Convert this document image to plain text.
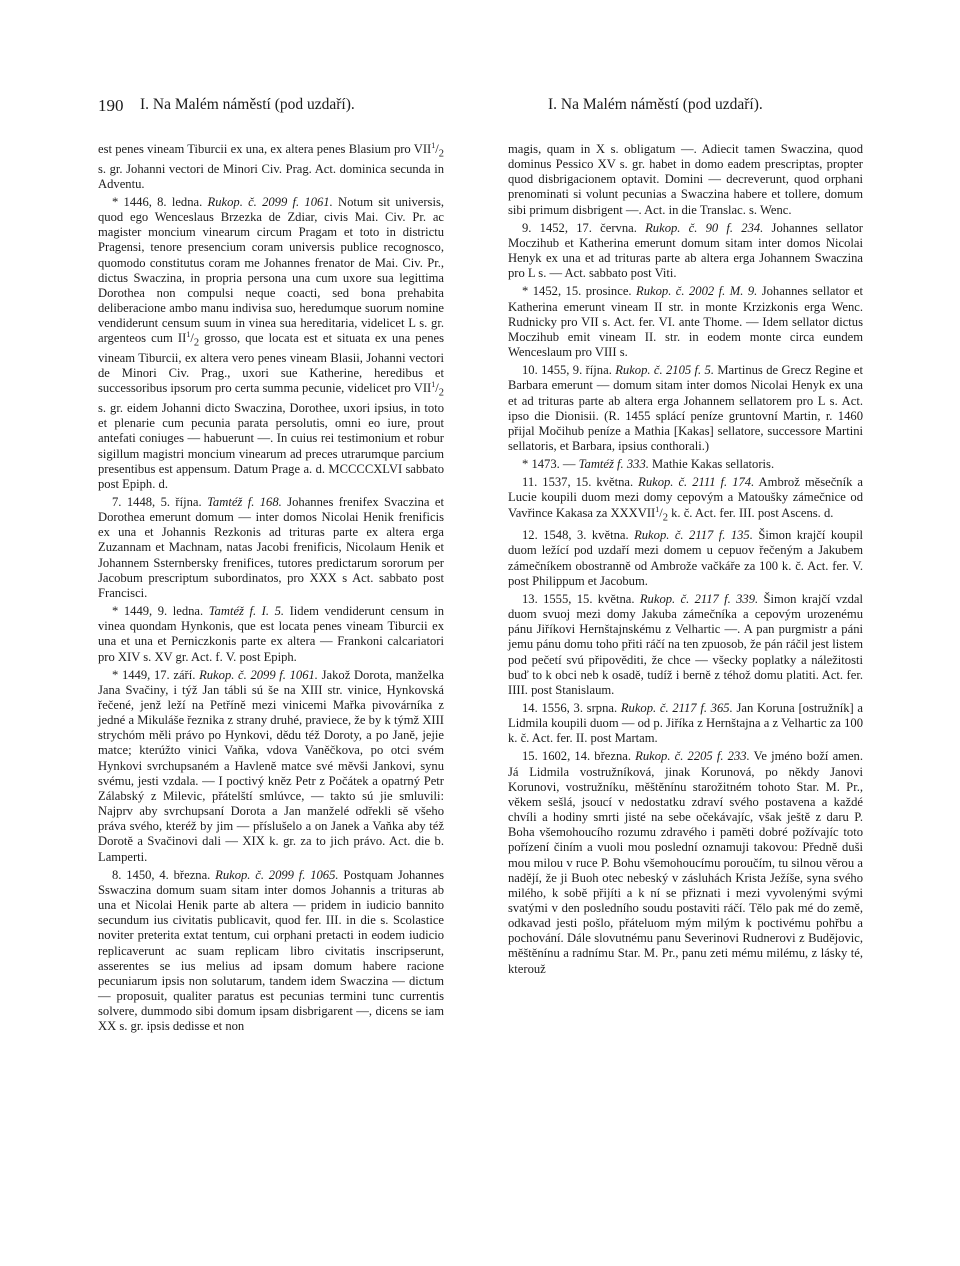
190 I. Na Malém náměstí (pod uzdaří).	I. Na Malém náměstí (pod uzdaří).

est penes vineam Tiburcii ex una, ex altera penes Blasium pro $VII^1/_2$ s. gr. Johanni vectori de Minori Civ. Prag. Act. dominica secunda in Adventu.

* 1446, 8. ledna. Rukop. č. 2099 f. 1061. Notum sit universis, quod ego Wenceslaus Brzezka de Zdiar, civis Mai. Civ. Pr. ac magister moncium vinearum circum Pragam et toto in districtu Pragensi, tenore presencium coram universis publice recognosco, quomodo constitutus coram me Johannes frenator de Mai. Civ. Pr., dictus Swaczina, in propria persona una cum uxore sua legittima Dorothea non compulsi neque coacti, sed bona prehabita deliberacione ambo manu indivisa suo, heredumque suorum nomine vendiderunt censum suum in vinea sua hereditaria, videlicet L s. gr. argenteos cum $II^1/_2$ grosso, que locata est et situata ex una penes vineam Tiburcii, ex altera vero penes vineam Blasii, Johanni vectori de Minori Civ. Prag., uxori sue Katherine, heredibus et successoribus ipsorum pro certa summa pecunie, videlicet pro $VII^1/_2$ s. gr. eidem Johanni dicto Swaczina, Dorothee, uxori ipsius, in toto et plenarie cum pecunia parata persolutis, omni eo iure, prout antefati coniuges — habuerunt —. In cuius rei testimonium et robur sigillum magistri moncium vinearum ad preces utrarumque parcium presentibus est appensum. Datum Prage a. d. MCCCCXLVI sabbato post Epiph. d.

7. 1448, 5. října. Tamtéž f. 168. Johannes frenifex Svaczina et Dorothea emerunt domum — inter domos Nicolai Henik frenificis ex una et Johannis Rezkonis ad trituras parte ex altera erga Zuzannam et Machnam, natas Jacobi frenificis, Nicolaum Henik et Johannem Ssternbersky frenifices, tutores predictarum sororum per Jacobum prescriptum subordinatos, pro XXX s Act. sabbato post Francisci.

* 1449, 9. ledna. Tamtéž f. I. 5. Iidem vendiderunt censum in vinea quondam Hynkonis, que est locata penes vineam Tiburcii ex una et una et Perniczkonis parte ex altera — Frankoni calcariatori pro XIV s. XV gr. Act. f. V. post Epiph.

* 1449, 17. září. Rukop. č. 2099 f. 1061. Jakož Dorota, manželka Jana Svačiny, i týž Jan tábli sú še na XIII str. vinice, Hynkovská řečené, jenž leží na Petříně mezi vinicemi Mařka pivovárníka z jedné a Mikuláše řeznika z strany druhé, praviece, že by k týmž XIII strychóm měli právo po Hynkovi, dědu též Doroty, a po Janě, jejie matce; kterúžto vinici Vaňka, vdova Vaněčkova, po otci svém Hynkovi svrchupsaném a Havleně matce své měvši Jankovi, synu svému, jesti vzdala. — I poctivý kněz Petr z Počátek a opatrný Petr Zálabský z Milevic, přátelští smlúvce, — takto sú jie smluvili: Najprv aby svrchupsaní Dorota a Jan manželé odřekli sě všeho práva svého, kteréž by jim — příslušelo a on Janek a Vaňka aby též Dorotě a Svačinovi dali — XIX k. gr. za to jich právo. Act. die b. Lamperti.

8. 1450, 4. března. Rukop. č. 2099 f. 1065. Postquam Johannes Sswaczina domum suam sitam inter domos Johannis a trituras ab una et Nicolai Henik parte ab altera — pridem in iudicio bannito secundum ius civitatis publicavit, quod fer. III. in die s. Scolastice noviter preterita extat tentum, cui orphani pretacti in eodem iudicio replicaverunt ac suam replicam libro civitatis inscripserunt, asserentes se ius melius ad ipsam domum habere racione pecuniarum ipsis non solutarum, tandem idem Swaczina — dictum — proposuit, qualiter paratus est pecunias termini tunc currentis solvere, dummodo sibi domum ipsam disbrigarent —, dicens se iam XX s. gr. ipsis dedisse et non

magis, quam in X s. obligatum —. Adiecit tamen Swaczina, quod dominus Pessico XV s. gr. habet in domo eadem prescriptas, propter quod disbrigacionem optavit. Domini — decreverunt, quod orphani prenominati si volunt pecunias a Swaczina habere et tollere, domum sibi primum disbrigent —. Act. in die Translac. s. Wenc.

9. 1452, 17. června. Rukop. č. 90 f. 234. Johannes sellator Moczihub et Katherina emerunt domum sitam inter domos Nicolai Henyk ex una et ad trituras parte ab altera erga Johannem Swaczina pro L s. — Act. sabbato post Viti.

* 1452, 15. prosince. Rukop. č. 2002 f. M. 9. Johannes sellator et Katherina emerunt vineam II str. in monte Krzizkonis erga Wenc. Rudnicky pro VII s. Act. fer. VI. ante Thome. — Idem sellator dictus Moczihub emit vineam II. str. in eodem monte circa eundem Wenceslaum pro VIII s.

10. 1455, 9. října. Rukop. č. 2105 f. 5. Martinus de Grecz Regine et Barbara emerunt — domum sitam inter domos Nicolai Henyk ex una et ad trituras parte ab altera erga Johannem sellatorem pro L s. Act. ipso die Dionisii. (R. 1455 splácí peníze gruntovní Martin, r. 1460 přijal Močihub peníze a Mathia [Kakas] sellatore, successore Martini sellatoris, et Barbara, ipsius conthorali.)

* 1473. — Tamtéž f. 333. Mathie Kakas sellatoris.

11. 1537, 15. května. Rukop. č. 2111 f. 174. Ambrož měsečník a Lucie koupili duom mezi domy cepovým a Matoušky zámečnice od Vavřince Kakasa za $XXXVII^1/_2$ k. č. Act. fer. III. post Ascens. d.

12. 1548, 3. května. Rukop. č. 2117 f. 135. Šimon krajčí koupil duom ležící pod uzdaří mezi domem u cepuov řečeným a Jakubem zámečníkem obostranně od Ambrože vačkáře za 100 k. č. Act. fer. V. post Philippum et Jacobum.

13. 1555, 15. května. Rukop. č. 2117 f. 339. Šimon krajčí vzdal duom svuoj mezi domy Jakuba zámečníka a cepovým urozenému pánu Jiříkovi Hernštajnskému z Velhartic —. A pan purgmistr a páni jemu pánu domu toho přiti ráčí na ten zpuosob, že pán ráčil jest listem pod pečetí svú připověditi, že chce — všecky poplatky a náležitosti buď to k obci neb k osadě, tudíž i berně z téhož domu platiti. Act. fer. IIII. post Stanislaum.

14. 1556, 3. srpna. Rukop. č. 2117 f. 365. Jan Koruna [ostružník] a Lidmila koupili duom — od p. Jiříka z Hernštajna a z Velhartic za 100 k. č. Act. fer. II. post Martam.

15. 1602, 14. března. Rukop. č. 2205 f. 233. Ve jméno boží amen. Já Lidmila vostružníková, jinak Korunová, po někdy Janovi Korunovi, vostružníku, měštěnínu starožitném tohoto Star. M. Pr., věkem sešlá, jsoucí v nedostatku zdraví svého postavena a každé chvíli a hodiny smrti jisté na sebe očekávajíc, však ještě z daru P. Boha všemohoucího rozumu zdravého i paměti dobré požívajíc toto pořízení činím a vuoli mou poslední oznamuji takovou: Předně duši mou milou v ruce P. Bohu všemohoucímu poroučím, tu silnou věrou a nadějí, že ji Buoh otec nebeský v zásluhách Krista Ježíše, syna svého milého, k sobě přijíti a k ní se přiznati i mezi vyvolenými svými svatými v den posledního soudu postaviti ráčí. Tělo pak mé do země, odkavad jesti pošlo, přáteluom mým milým k poctivému pohřbu a pochování. Dále slovutnému panu Severinovi Rudnerovi z Budějovic, měštěnínu a radnímu Star. M. Pr., panu zeti mému milému, z lásky té, kterouž
